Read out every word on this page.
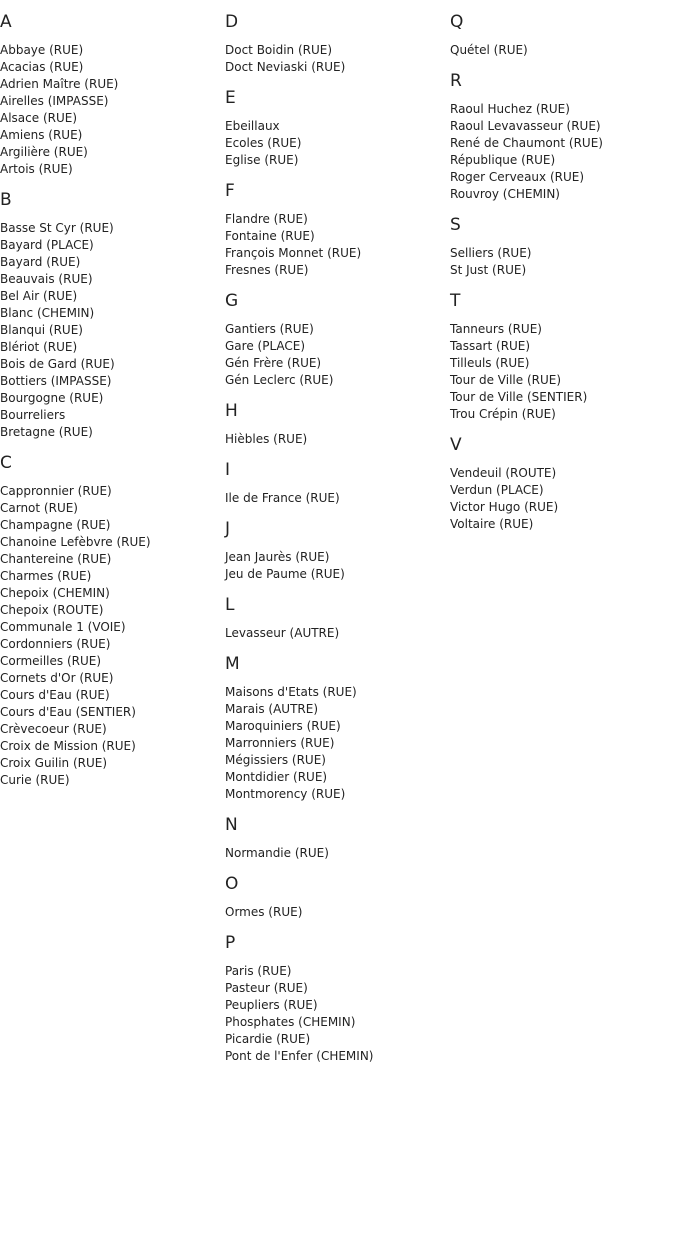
A
Abbaye (RUE)
Acacias (RUE)
Adrien Maître (RUE)
Airelles (IMPASSE)
Alsace (RUE)
Amiens (RUE)
Argilière (RUE)
Artois (RUE)
B
Basse St Cyr (RUE)
Bayard (PLACE)
Bayard (RUE)
Beauvais (RUE)
Bel Air (RUE)
Blanc (CHEMIN)
Blanqui (RUE)
Blériot (RUE)
Bois de Gard (RUE)
Bottiers (IMPASSE)
Bourgogne (RUE)
Bourreliers
Bretagne (RUE)
C
Cappronnier (RUE)
Carnot (RUE)
Champagne (RUE)
Chanoine Lefèbvre (RUE)
Chantereine (RUE)
Charmes (RUE)
Chepoix (CHEMIN)
Chepoix (ROUTE)
Communale 1 (VOIE)
Cordonniers (RUE)
Cormeilles (RUE)
Cornets d'Or (RUE)
Cours d'Eau (RUE)
Cours d'Eau (SENTIER)
Crèvecoeur (RUE)
Croix de Mission (RUE)
Croix Guilin (RUE)
Curie (RUE)
D
Doct Boidin (RUE)
Doct Neviaski (RUE)
E
Ebeillaux
Ecoles (RUE)
Eglise (RUE)
F
Flandre (RUE)
Fontaine (RUE)
François Monnet (RUE)
Fresnes (RUE)
G
Gantiers (RUE)
Gare (PLACE)
Gén Frère (RUE)
Gén Leclerc (RUE)
H
Hièbles (RUE)
I
Ile de France (RUE)
J
Jean Jaurès (RUE)
Jeu de Paume (RUE)
L
Levasseur (AUTRE)
M
Maisons d'Etats (RUE)
Marais (AUTRE)
Maroquiniers (RUE)
Marronniers (RUE)
Mégissiers (RUE)
Montdidier (RUE)
Montmorency (RUE)
N
Normandie (RUE)
O
Ormes (RUE)
P
Paris (RUE)
Pasteur (RUE)
Peupliers (RUE)
Phosphates (CHEMIN)
Picardie (RUE)
Pont de l'Enfer (CHEMIN)
Q
Quétel (RUE)
R
Raoul Huchez (RUE)
Raoul Levavasseur (RUE)
René de Chaumont (RUE)
République (RUE)
Roger Cerveaux (RUE)
Rouvroy (CHEMIN)
S
Selliers (RUE)
St Just (RUE)
T
Tanneurs (RUE)
Tassart (RUE)
Tilleuls (RUE)
Tour de Ville (RUE)
Tour de Ville (SENTIER)
Trou Crépin (RUE)
V
Vendeuil (ROUTE)
Verdun (PLACE)
Victor Hugo (RUE)
Voltaire (RUE)
